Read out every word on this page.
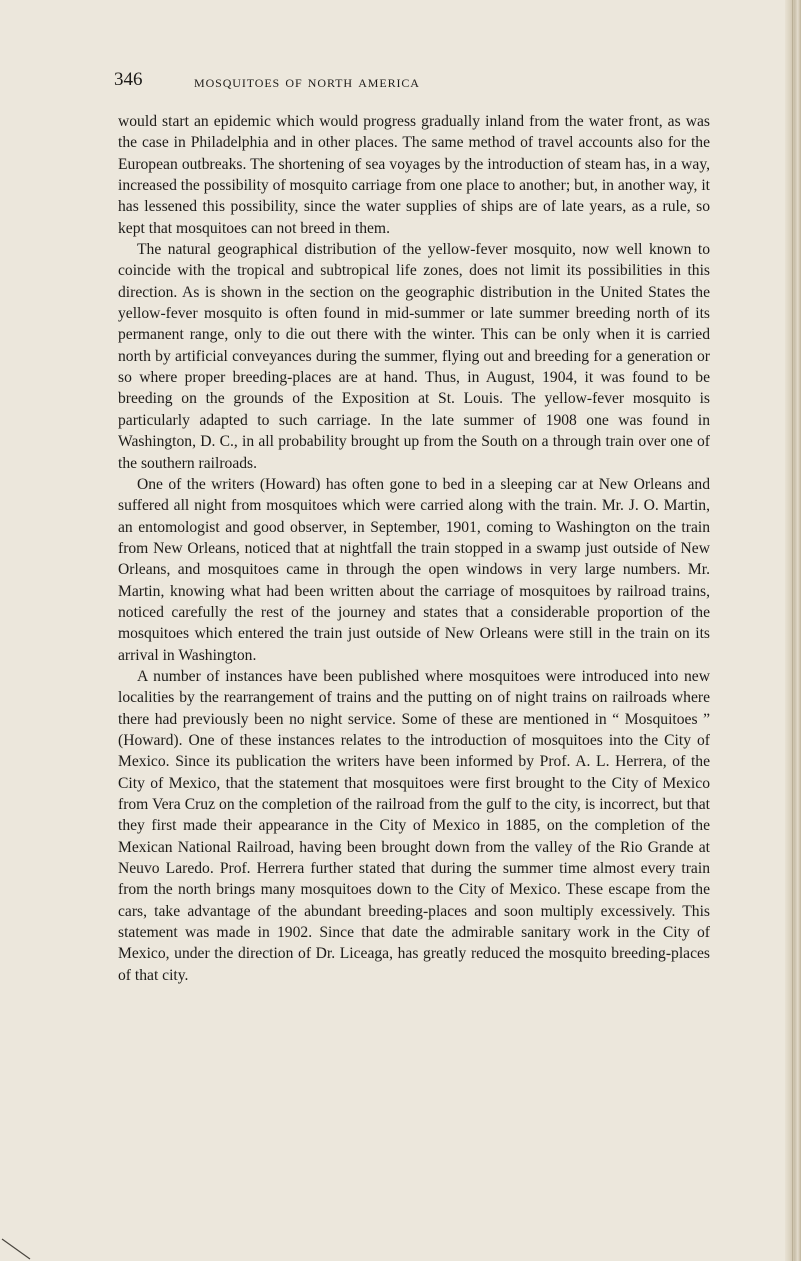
346	mosquitoes of north america

would start an epidemic which would progress gradually inland from the water front, as was the case in Philadelphia and in other places. The same method of travel accounts also for the European outbreaks. The shortening of sea voyages by the introduction of steam has, in a way, increased the possibility of mosquito carriage from one place to another; but, in another way, it has lessened this possibility, since the water supplies of ships are of late years, as a rule, so kept that mosquitoes can not breed in them.

The natural geographical distribution of the yellow-fever mosquito, now well known to coincide with the tropical and subtropical life zones, does not limit its possibilities in this direction. As is shown in the section on the geographic distribution in the United States the yellow-fever mosquito is often found in mid-summer or late summer breeding north of its permanent range, only to die out there with the winter. This can be only when it is carried north by artificial conveyances during the summer, flying out and breeding for a generation or so where proper breeding-places are at hand. Thus, in August, 1904, it was found to be breeding on the grounds of the Exposition at St. Louis. The yellow-fever mosquito is particularly adapted to such carriage. In the late summer of 1908 one was found in Washington, D. C., in all probability brought up from the South on a through train over one of the southern railroads.

One of the writers (Howard) has often gone to bed in a sleeping car at New Orleans and suffered all night from mosquitoes which were carried along with the train. Mr. J. O. Martin, an entomologist and good observer, in September, 1901, coming to Washington on the train from New Orleans, noticed that at nightfall the train stopped in a swamp just outside of New Orleans, and mosquitoes came in through the open windows in very large numbers. Mr. Martin, knowing what had been written about the carriage of mosquitoes by railroad trains, noticed carefully the rest of the journey and states that a considerable proportion of the mosquitoes which entered the train just outside of New Orleans were still in the train on its arrival in Washington.

A number of instances have been published where mosquitoes were introduced into new localities by the rearrangement of trains and the putting on of night trains on railroads where there had previously been no night service. Some of these are mentioned in “ Mosquitoes ” (Howard). One of these instances relates to the introduction of mosquitoes into the City of Mexico. Since its publication the writers have been informed by Prof. A. L. Herrera, of the City of Mexico, that the statement that mosquitoes were first brought to the City of Mexico from Vera Cruz on the completion of the railroad from the gulf to the city, is incorrect, but that they first made their appearance in the City of Mexico in 1885, on the completion of the Mexican National Railroad, having been brought down from the valley of the Rio Grande at Neuvo Laredo. Prof. Herrera further stated that during the summer time almost every train from the north brings many mosquitoes down to the City of Mexico. These escape from the cars, take advantage of the abundant breeding-places and soon multiply excessively. This statement was made in 1902. Since that date the admirable sanitary work in the City of Mexico, under the direction of Dr. Liceaga, has greatly reduced the mosquito breeding-places of that city.
